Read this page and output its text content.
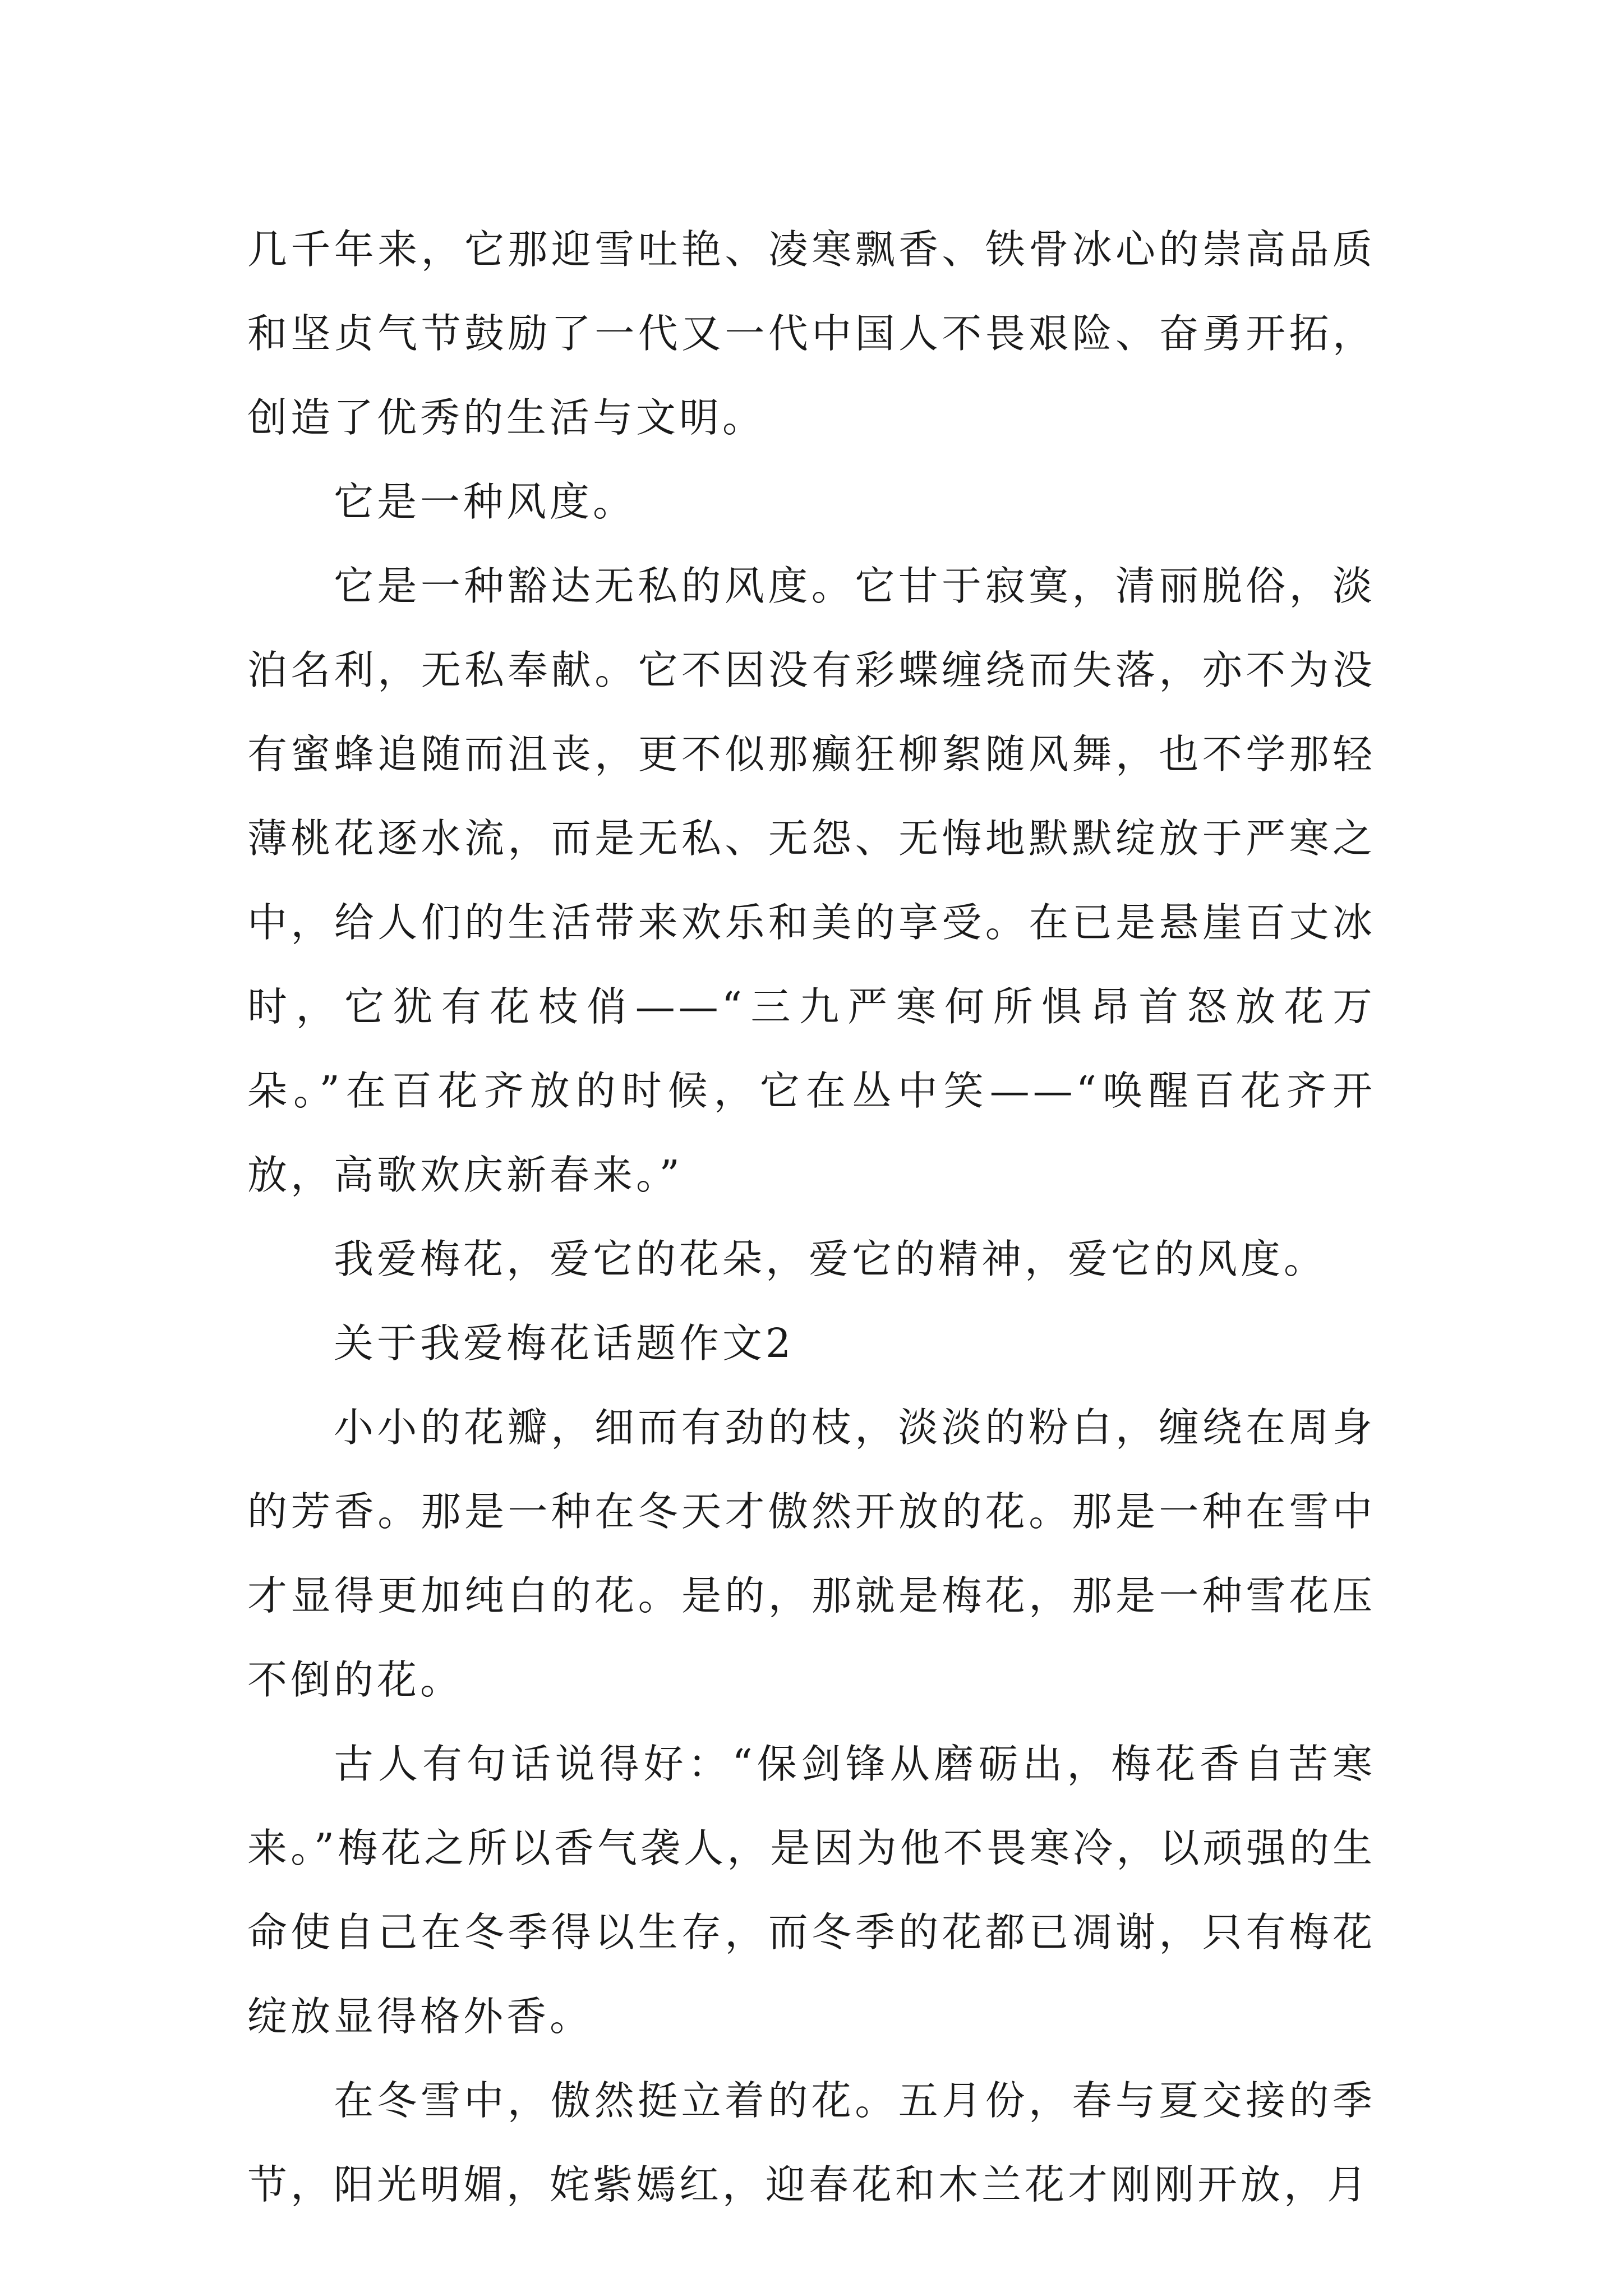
几千年来，它那迎雪吐艳、凌寒飘香、铁骨冰心的崇高品质和坚贞气节鼓励了一代又一代中国人不畏艰险、奋勇开拓，创造了优秀的生活与文明。

它是一种风度。

它是一种豁达无私的风度。它甘于寂寞，清丽脱俗，淡泊名利，无私奉献。它不因没有彩蝶缠绕而失落，亦不为没有蜜蜂追随而沮丧，更不似那癫狂柳絮随风舞，也不学那轻薄桃花逐水流，而是无私、无怨、无悔地默默绽放于严寒之中，给人们的生活带来欢乐和美的享受。在已是悬崖百丈冰时，它犹有花枝俏——“三九严寒何所惧昂首怒放花万朵。”在百花齐放的时候，它在丛中笑——“唤醒百花齐开放，高歌欢庆新春来。”

我爱梅花，爱它的花朵，爱它的精神，爱它的风度。

关于我爱梅花话题作文2

小小的花瓣，细而有劲的枝，淡淡的粉白，缠绕在周身的芳香。那是一种在冬天才傲然开放的花。那是一种在雪中才显得更加纯白的花。是的，那就是梅花，那是一种雪花压不倒的花。

古人有句话说得好：“保剑锋从磨砺出，梅花香自苦寒来。”梅花之所以香气袭人，是因为他不畏寒冷，以顽强的生命使自己在冬季得以生存，而冬季的花都已凋谢，只有梅花绽放显得格外香。

在冬雪中，傲然挺立着的花。五月份，春与夏交接的季节，阳光明媚，姹紫嫣红，迎春花和木兰花才刚刚开放，月
